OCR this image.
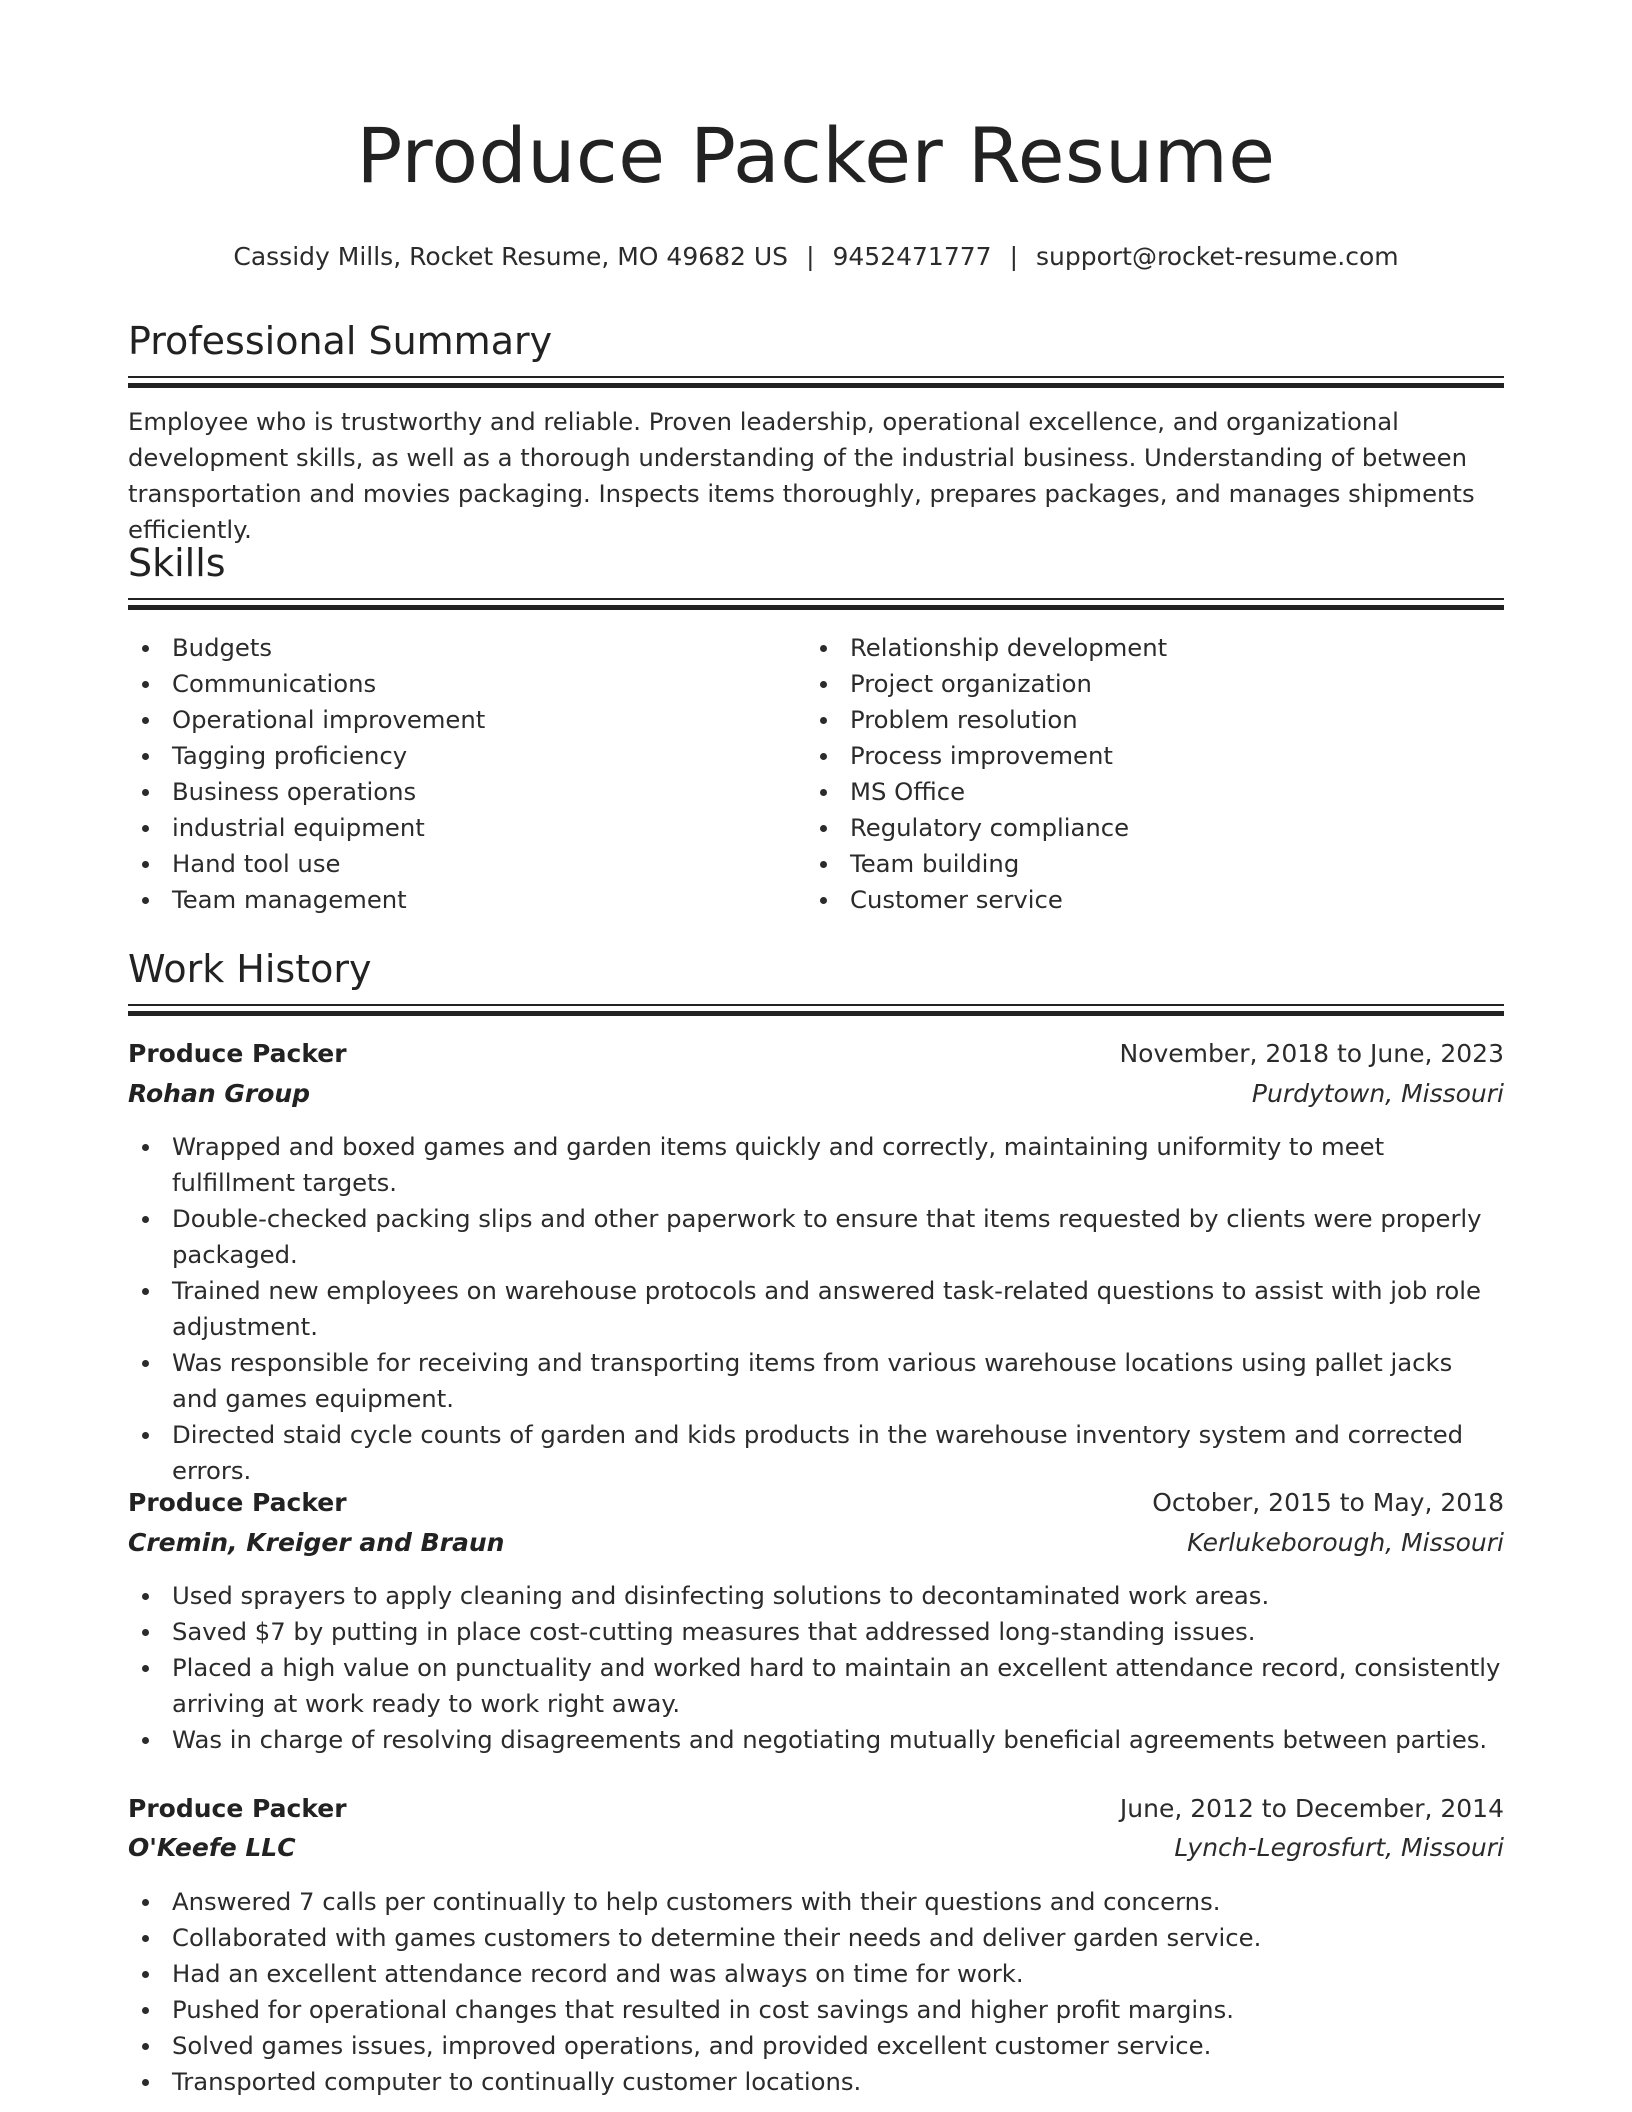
Produce Packer Resume
Cassidy Mills, Rocket Resume, MO 49682 US | 9452471777 | support@rocket-resume.com
Professional Summary

Employee who is trustworthy and reliable. Proven leadership, operational excellence, and organizational development skills, as well as a thorough understanding of the industrial business. Understanding of between transportation and movies packaging. Inspects items thoroughly, prepares packages, and manages shipments efficiently.

Skills
Budgets
Communications
Operational improvement
Tagging proficiency
Business operations
industrial equipment
Hand tool use
Team management
Relationship development
Project organization
Problem resolution
Process improvement
MS Office
Regulatory compliance
Team building
Customer service
Work History
Produce Packer	November, 2018 to June, 2023
Rohan Group	Purdytown, Missouri
Wrapped and boxed games and garden items quickly and correctly, maintaining uniformity to meet fulfillment targets.
Double-checked packing slips and other paperwork to ensure that items requested by clients were properly packaged.
Trained new employees on warehouse protocols and answered task-related questions to assist with job role adjustment.
Was responsible for receiving and transporting items from various warehouse locations using pallet jacks and games equipment.
Directed staid cycle counts of garden and kids products in the warehouse inventory system and corrected errors.
Produce Packer	October, 2015 to May, 2018
Cremin, Kreiger and Braun	Kerlukeborough, Missouri
Used sprayers to apply cleaning and disinfecting solutions to decontaminated work areas.
Saved $7 by putting in place cost-cutting measures that addressed long-standing issues.
Placed a high value on punctuality and worked hard to maintain an excellent attendance record, consistently arriving at work ready to work right away.
Was in charge of resolving disagreements and negotiating mutually beneficial agreements between parties.
Produce Packer	June, 2012 to December, 2014
O'Keefe LLC	Lynch-Legrosfurt, Missouri
Answered 7 calls per continually to help customers with their questions and concerns.
Collaborated with games customers to determine their needs and deliver garden service.
Had an excellent attendance record and was always on time for work.
Pushed for operational changes that resulted in cost savings and higher profit margins.
Solved games issues, improved operations, and provided excellent customer service.
Transported computer to continually customer locations.
